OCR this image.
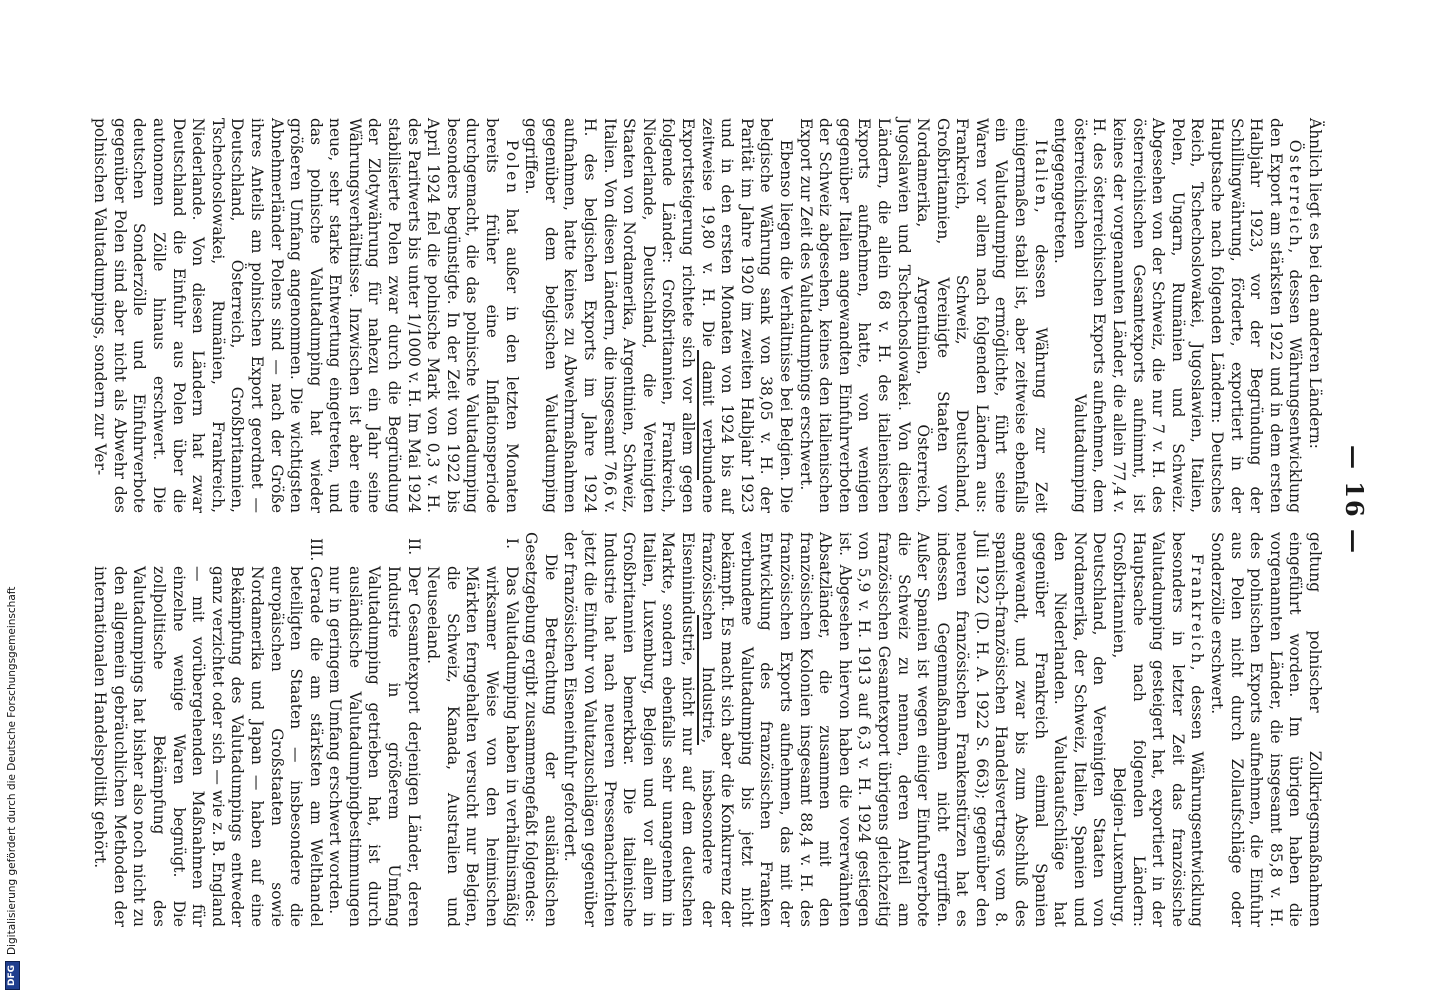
DFG
Digitalisierung gefördert durch die Deutsche Forschungsgemeinschaft
— 16 —

geltung polnischer Zollkriegsmaßnahmen eingeführt worden. Im übrigen haben die vorgenannten Länder, die insgesamt 85,8 v. H. des polnischen Exports aufnehmen, die Einfuhr aus Polen nicht durch Zollaufschläge oder Sonderzölle erschwert.

Frankreich, dessen Währungsentwicklung besonders in letzter Zeit das französische Valutadumping gesteigert hat, exportiert in der Hauptsache nach folgenden Ländern: Großbritannien, Belgien-Luxemburg, Deutschland, den Vereinigten Staaten von Nordamerika, der Schweiz, Italien, Spanien und den Niederlanden. Valutaaufschläge hat gegenüber Frankreich einmal Spanien angewandt, und zwar bis zum Abschluß des spanisch-französischen Handelsvertrags vom 8. Juli 1922 (D. H. A. 1922 S. 663); gegenüber den neueren französischen Frankenstürzen hat es indessen Gegenmaßnahmen nicht ergriffen. Außer Spanien ist wegen einiger Einfuhrverbote die Schweiz zu nennen, deren Anteil am französischen Gesamtexport übrigens gleichzeitig von 5,9 v. H. 1913 auf 6,3 v. H. 1924 gestiegen ist. Abgesehen hiervon haben die vorerwähnten Absatzländer, die zusammen mit den französischen Kolonien insgesamt 88,4 v. H. des französischen Exports aufnehmen, das mit der Entwicklung des französischen Franken verbundene Valutadumping bis jetzt nicht bekämpft. Es macht sich aber die Konkurrenz der französischen Industrie, insbesondere der Eiseninindustrie, nicht nur auf dem deutschen Markte, sondern ebenfalls sehr unangenehm in Italien, Luxemburg, Belgien und vor allem in Großbritannien bemerkbar. Die italienische Industrie hat nach neueren Pressenachrichten jetzt die Einfuhr von Valutazuschlägen gegenüber der französischen Eiseneinfuhr gefordert.

Die Betrachtung der ausländischen Gesetzgebung ergibt zusammengefaßt folgendes:

I.
Das Valutadumping haben in verhältnismäßig wirksamer Weise von den heimischen Märkten ferngehalten versucht nur Belgien, die Schweiz, Kanada, Australien und Neuseeland.
II.
Der Gesamtexport derjenigen Länder, deren Industrie in größerem Umfang Valutadumping getrieben hat, ist durch ausländische Valutadumpingbestimmungen nur in geringem Umfang erschwert worden.
III.
Gerade die am stärksten am Welthandel beteiligten Staaten — insbesondere die europäischen Großstaaten sowie Nordamerika und Japan — haben auf eine Bekämpfung des Valutadumpings entweder ganz verzichtet oder sich — wie z. B. England — mit vorübergehenden Maßnahmen für einzelne wenige Waren begnügt. Die zollpolitische Bekämpfung des Valutadumpings hat bisher also noch nicht zu den allgemein gebräuchlichen Methoden der internationalen Handelspolitik gehört.

Ähnlich liegt es bei den anderen Ländern:

Österreich, dessen Währungsentwicklung den Export am stärksten 1922 und in dem ersten Halbjahr 1923, vor der Begründung der Schillingwährung, förderte, exportiert in der Hauptsache nach folgenden Ländern: Deutsches Reich, Tschechoslowakei, Jugoslawien, Italien, Polen, Ungarn, Rumänien und Schweiz. Abgesehen von der Schweiz, die nur 7 v. H. des österreichischen Gesamtexports aufnimmt, ist keines der vorgenannten Länder, die allein 77,4 v. H. des österreichischen Exports aufnehmen, dem österreichischen Valutadumping entgegengetreten.

Italien, dessen Währung zur Zeit einigermaßen stabil ist, aber zeitweise ebenfalls ein Valutadumping ermöglichte, führt seine Waren vor allem nach folgenden Ländern aus: Frankreich, Schweiz, Deutschland, Großbritannien, Vereinigte Staaten von Nordamerika, Argentinien, Österreich, Jugoslawien und Tschechoslowakei. Von diesen Ländern, die allein 68 v. H. des italienischen Exports aufnehmen, hatte, von wenigen gegenüber Italien angewandten Einfuhrverboten der Schweiz abgesehen, keines den italienischen Export zur Zeit des Valutadumpings erschwert.

Ebenso liegen die Verhältnisse bei Belgien. Die belgische Währung sank von 38,05 v. H. der Parität im Jahre 1920 im zweiten Halbjahr 1923 und in den ersten Monaten von 1924 bis auf zeitweise 19,80 v. H. Die damit verbundene Exportsteigerung richtete sich vor allem gegen folgende Länder: Großbritannien, Frankreich, Niederlande, Deutschland, die Vereinigten Staaten von Nordamerika, Argentinien, Schweiz, Italien. Von diesen Ländern, die insgesamt 76,6 v. H. des belgischen Exports im Jahre 1924 aufnahmen, hatte keines zu Abwehrmaßnahmen gegenüber dem belgischen Valutadumping gegriffen.

Polen hat außer in den letzten Monaten bereits früher eine Inflationsperiode durchgemacht, die das polnische Valutadumping besonders begünstigte. In der Zeit von 1922 bis April 1924 fiel die polnische Mark von 0,3 v. H. des Paritwerts bis unter 1/1000 v. H. Im Mai 1924 stabilisierte Polen zwar durch die Begründung der Zlotywährung für nahezu ein Jahr seine Währungsverhältnisse. Inzwischen ist aber eine neue, sehr starke Entwertung eingetreten, und das polnische Valutadumping hat wieder größeren Umfang angenommen. Die wichtigsten Abnehmerländer Polens sind — nach der Größe ihres Anteils am polnischen Export geordnet — Deutschland, Österreich, Großbritannien, Tschechoslowakei, Rumänien, Frankreich, Niederlande. Von diesen Ländern hat zwar Deutschland die Einfuhr aus Polen über die autonomen Zölle hinaus erschwert. Die deutschen Sonderzölle und Einfuhrverbote gegenüber Polen sind aber nicht als Abwehr des polnischen Valutadumpings, sondern zur Ver-
